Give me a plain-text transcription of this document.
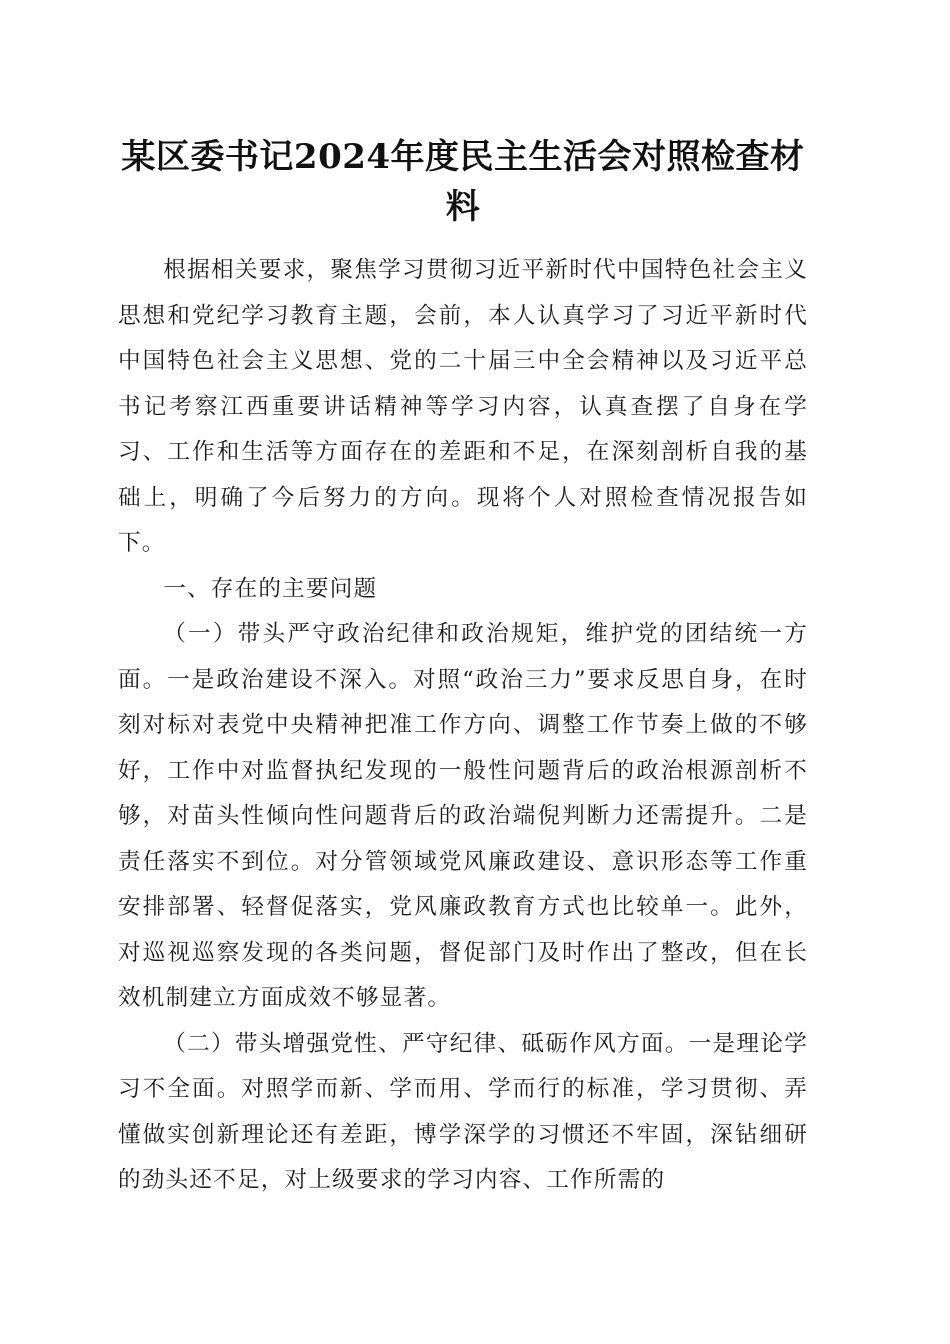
某区委书记2024年度民主生活会对照检查材料

根据相关要求，聚焦学习贯彻习近平新时代中国特色社会主义思想和党纪学习教育主题，会前，本人认真学习了习近平新时代中国特色社会主义思想、党的二十届三中全会精神以及习近平总书记考察江西重要讲话精神等学习内容，认真查摆了自身在学习、工作和生活等方面存在的差距和不足，在深刻剖析自我的基础上，明确了今后努力的方向。现将个人对照检查情况报告如下。

一、存在的主要问题

（一）带头严守政治纪律和政治规矩，维护党的团结统一方面。一是政治建设不深入。对照“政治三力”要求反思自身，在时刻对标对表党中央精神把准工作方向、调整工作节奏上做的不够好，工作中对监督执纪发现的一般性问题背后的政治根源剖析不够，对苗头性倾向性问题背后的政治端倪判断力还需提升。二是责任落实不到位。对分管领域党风廉政建设、意识形态等工作重安排部署、轻督促落实，党风廉政教育方式也比较单一。此外，对巡视巡察发现的各类问题，督促部门及时作出了整改，但在长效机制建立方面成效不够显著。

（二）带头增强党性、严守纪律、砥砺作风方面。一是理论学习不全面。对照学而新、学而用、学而行的标准，学习贯彻、弄懂做实创新理论还有差距，博学深学的习惯还不牢固，深钻细研的劲头还不足，对上级要求的学习内容、工作所需的
